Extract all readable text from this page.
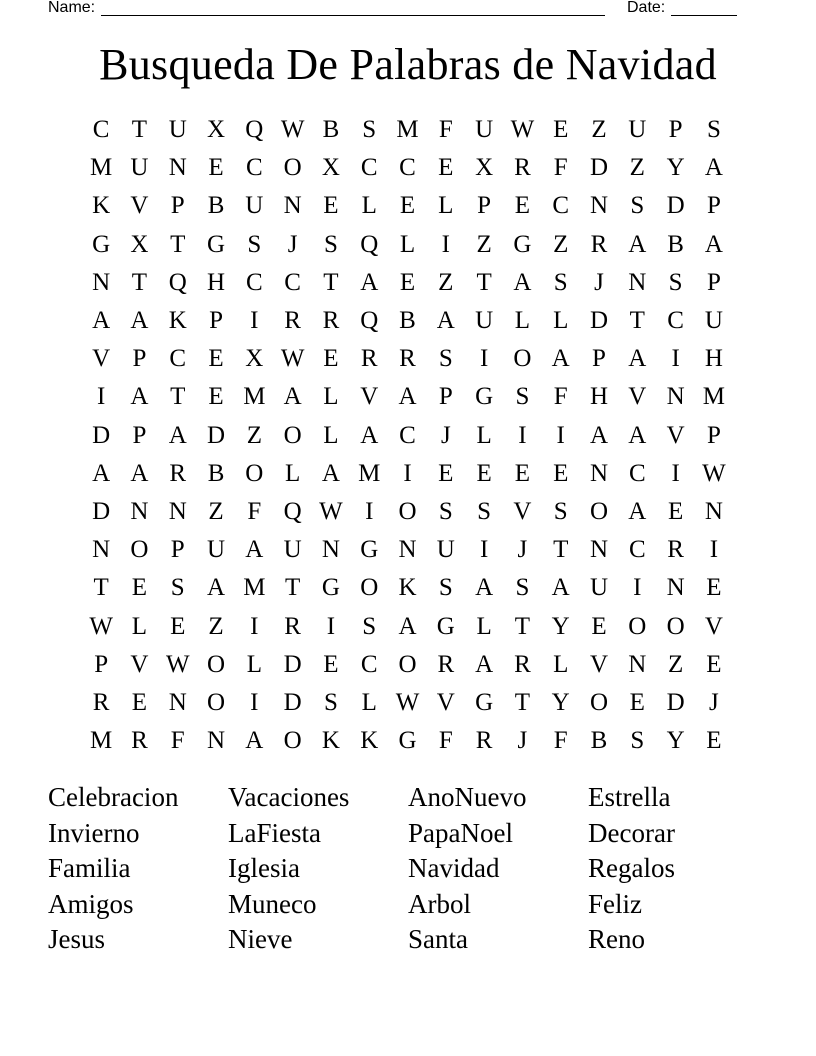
Name:	Date:
Busqueda De Palabras de Navidad
C T U X Q W B S M F U W E Z U P S
M U N E C O X C C E X R F D Z Y A
K V P B U N E L E L P E C N S D P
G X T G S	J	S Q L	I	Z G Z R A B A
N T Q H C C T A E Z T A S	J N S P
A A K P	I	R R Q B A U L L D T C U
V P C E X W E R R S	I	O A P A	I	H
I	A T E M A L V A P G S F H V N M
D P A D Z O L A C	J	L	I	I	A A V P
A A R B O L A M I	E E E E N C	I W
D N N Z F Q W I	O S S V S O A E N
N O P U A U N G N U	I	J	T N C R	I
T E S A M T G O K S A S A U	I	N E
W L E Z	I	R	I	S A G L T Y E O O V
P V W O L D E C O R A R L V N Z E
R E N O	I	D S L W V G T Y O E D J
M R F N A O K K G F R	J	F B S Y E
Celebracion	Vacaciones	AnoNuevo	Estrella
Invierno	LaFiesta	PapaNoel	Decorar
Familia	Iglesia	Navidad	Regalos
Amigos	Muneco	Arbol	Feliz
Jesus	Nieve	Santa	Reno
